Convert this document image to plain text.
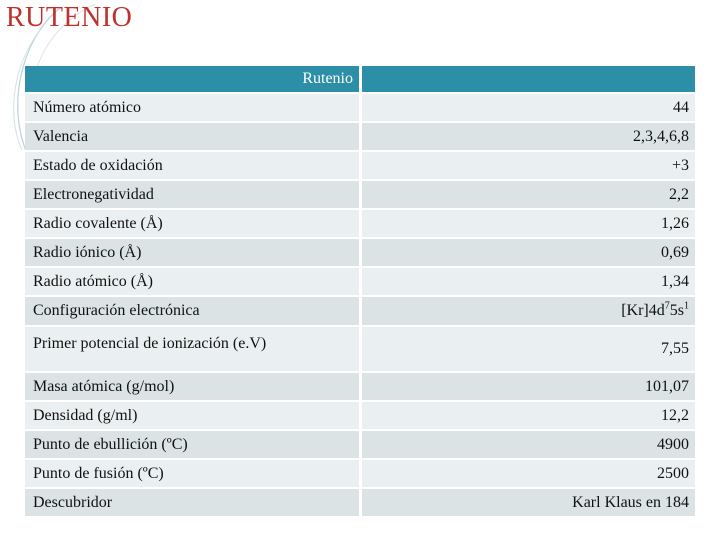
RUTENIO
Rutenio	
Número atómico	44
Valencia	2,3,4,6,8
Estado de oxidación	+3
Electronegatividad	2,2
Radio covalente (Å)	1,26
Radio iónico (Å)	0,69
Radio atómico (Å)	1,34
Configuración electrónica	$[Kr]4d^75s^1$
Primer potencial de ionización (e.V)	7,55
Masa atómica (g/mol)	101,07
Densidad (g/ml)	12,2
Punto de ebullición (ºC)	4900
Punto de fusión (ºC)	2500
Descubridor	Karl Klaus en 184
